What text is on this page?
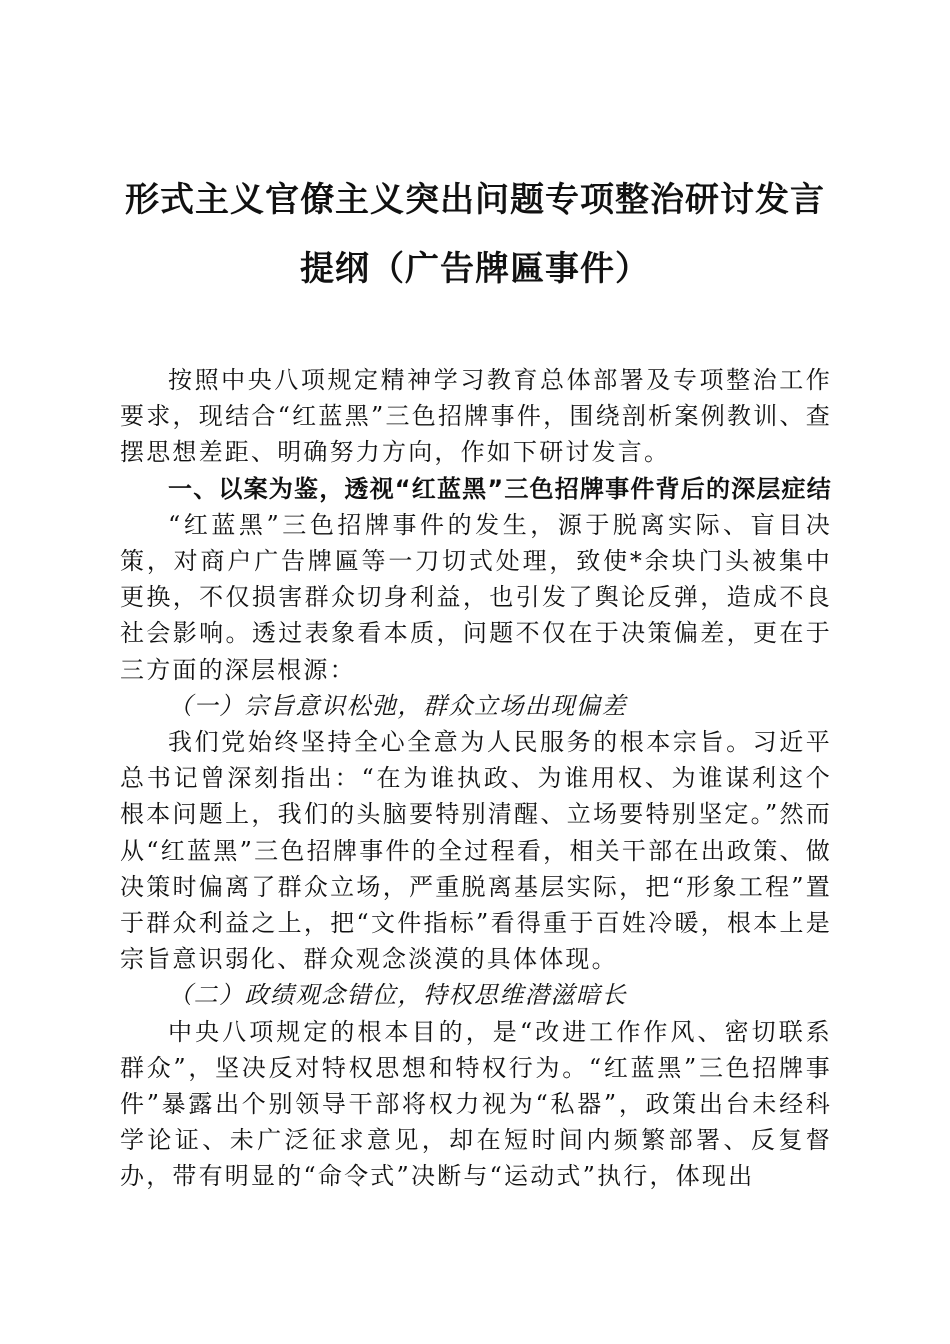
形式主义官僚主义突出问题专项整治研讨发言
提纲（广告牌匾事件）

按照中央八项规定精神学习教育总体部署及专项整治工作要求，现结合“红蓝黑”三色招牌事件，围绕剖析案例教训、查摆思想差距、明确努力方向，作如下研讨发言。

一、以案为鉴，透视“红蓝黑”三色招牌事件背后的深层症结

“红蓝黑”三色招牌事件的发生，源于脱离实际、盲目决策，对商户广告牌匾等一刀切式处理，致使*余块门头被集中更换，不仅损害群众切身利益，也引发了舆论反弹，造成不良社会影响。透过表象看本质，问题不仅在于决策偏差，更在于三方面的深层根源：

（一）宗旨意识松弛，群众立场出现偏差

我们党始终坚持全心全意为人民服务的根本宗旨。习近平总书记曾深刻指出：“在为谁执政、为谁用权、为谁谋利这个根本问题上，我们的头脑要特别清醒、立场要特别坚定。”然而从“红蓝黑”三色招牌事件的全过程看，相关干部在出政策、做决策时偏离了群众立场，严重脱离基层实际，把“形象工程”置于群众利益之上，把“文件指标”看得重于百姓冷暖，根本上是宗旨意识弱化、群众观念淡漠的具体体现。

（二）政绩观念错位，特权思维潜滋暗长

中央八项规定的根本目的，是“改进工作作风、密切联系群众”，坚决反对特权思想和特权行为。“红蓝黑”三色招牌事件”暴露出个别领导干部将权力视为“私器”，政策出台未经科学论证、未广泛征求意见，却在短时间内频繁部署、反复督办，带有明显的“命令式”决断与“运动式”执行，体现出
